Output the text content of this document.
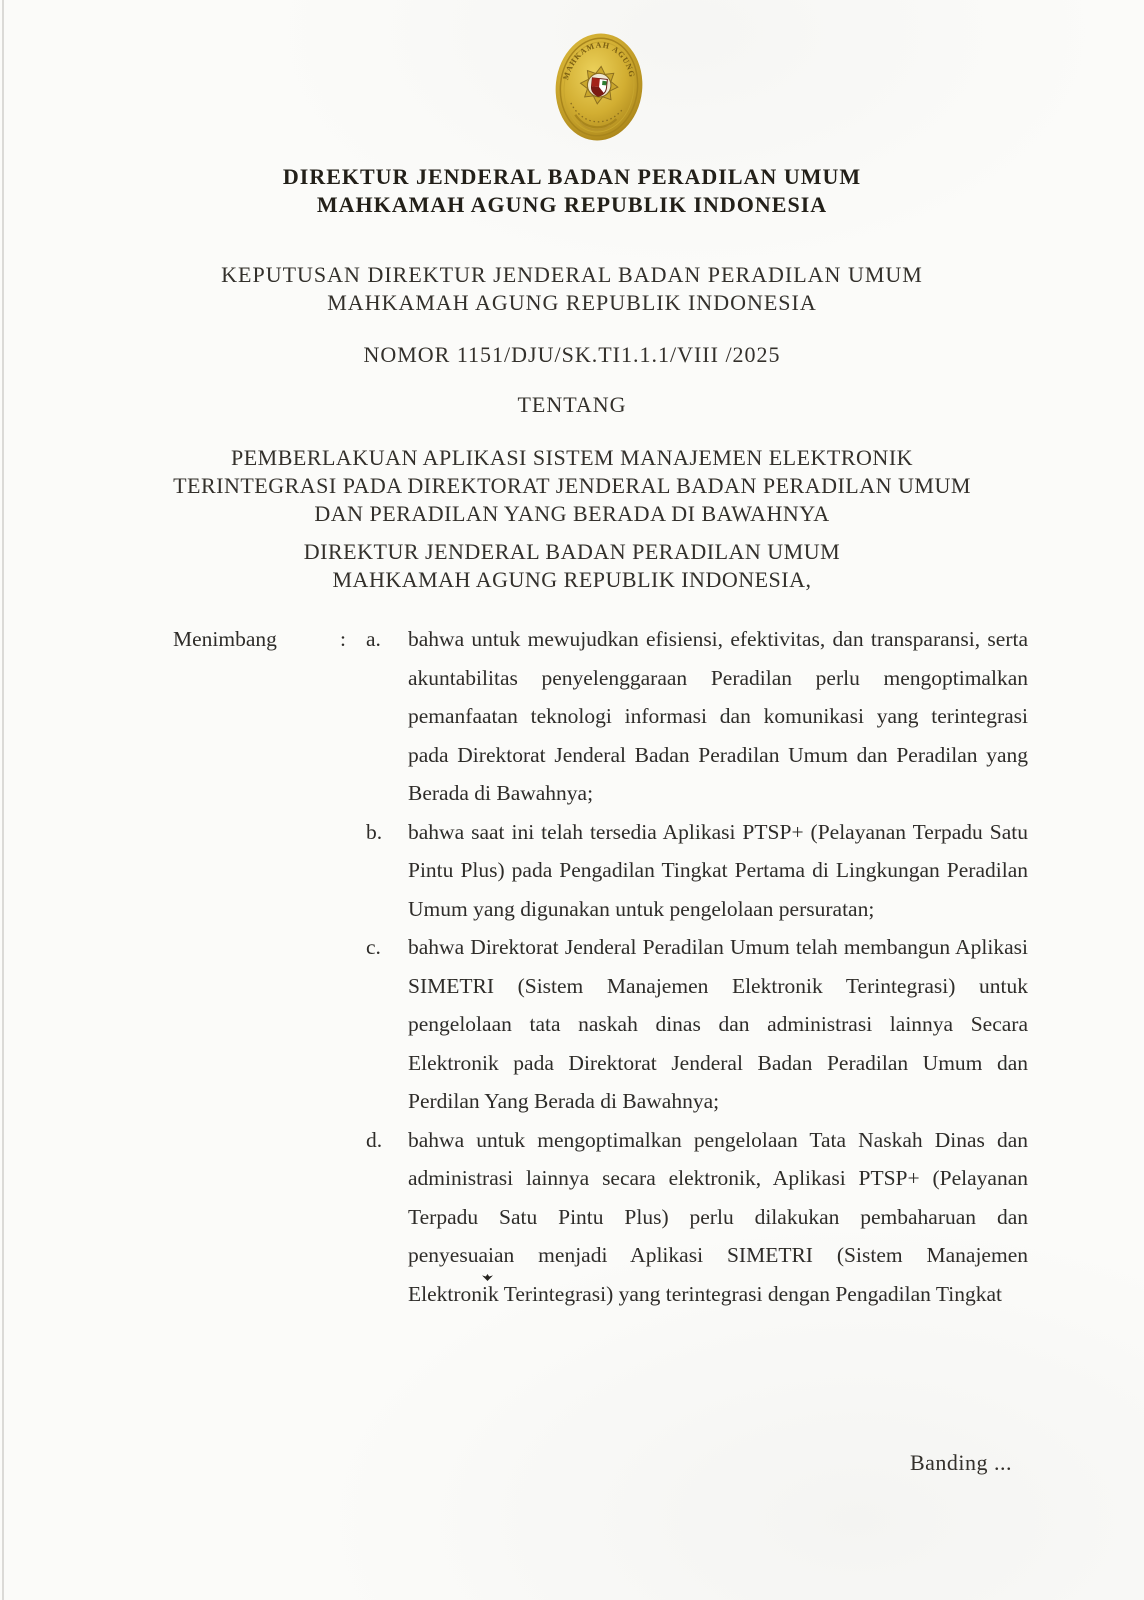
MAHKAMAH AGUNG
DIREKTUR JENDERAL BADAN PERADILAN UMUM
MAHKAMAH AGUNG REPUBLIK INDONESIA
KEPUTUSAN DIREKTUR JENDERAL BADAN PERADILAN UMUM
MAHKAMAH AGUNG REPUBLIK INDONESIA
NOMOR 1151/DJU/SK.TI1.1.1/VIII /2025
TENTANG
PEMBERLAKUAN APLIKASI SISTEM MANAJEMEN ELEKTRONIK
TERINTEGRASI PADA DIREKTORAT JENDERAL BADAN PERADILAN UMUM
DAN PERADILAN YANG BERADA DI BAWAHNYA
DIREKTUR JENDERAL BADAN PERADILAN UMUM
MAHKAMAH AGUNG REPUBLIK INDONESIA,
Menimbang	: a.	bahwa untuk mewujudkan efisiensi, efektivitas, dan transparansi, serta akuntabilitas penyelenggaraan Peradilan perlu mengoptimalkan pemanfaatan teknologi informasi dan komunikasi yang terintegrasi pada Direktorat Jenderal Badan Peradilan Umum dan Peradilan yang Berada di Bawahnya;
b.	bahwa saat ini telah tersedia Aplikasi PTSP+ (Pelayanan Terpadu Satu Pintu Plus) pada Pengadilan Tingkat Pertama di Lingkungan Peradilan Umum yang digunakan untuk pengelolaan persuratan;
c.	bahwa Direktorat Jenderal Peradilan Umum telah membangun Aplikasi SIMETRI (Sistem Manajemen Elektronik Terintegrasi) untuk pengelolaan tata naskah dinas dan administrasi lainnya Secara Elektronik pada Direktorat Jenderal Badan Peradilan Umum dan Perdilan Yang Berada di Bawahnya;
d.	bahwa untuk mengoptimalkan pengelolaan Tata Naskah Dinas dan administrasi lainnya secara elektronik, Aplikasi PTSP+ (Pelayanan Terpadu Satu Pintu Plus) perlu dilakukan pembaharuan dan penyesuaian menjadi Aplikasi SIMETRI (Sistem Manajemen Elektronik Terintegrasi) yang terintegrasi dengan Pengadilan Tingkat
Banding ...
